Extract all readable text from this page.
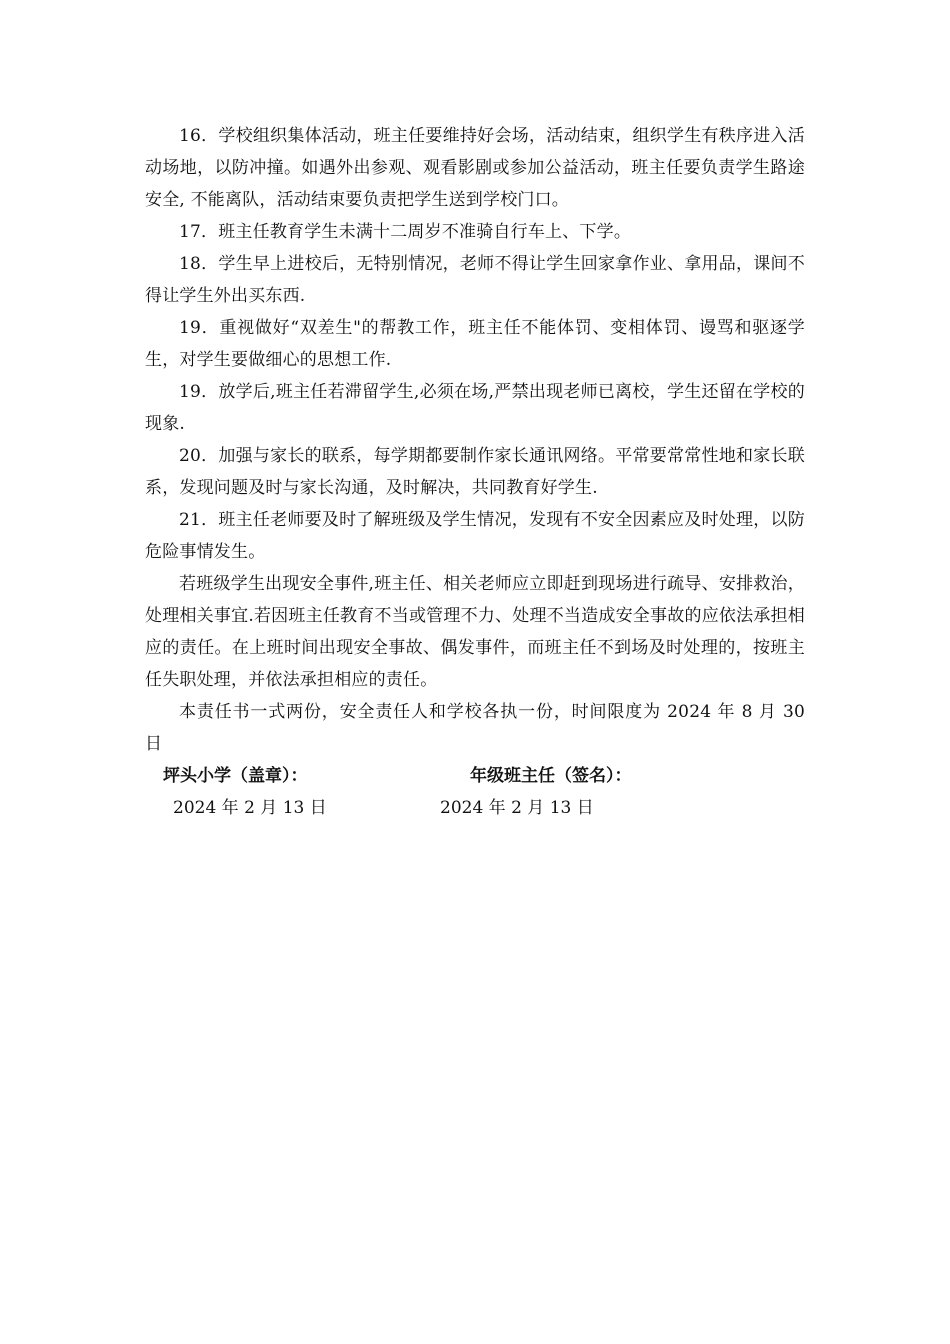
16．学校组织集体活动，班主任要维持好会场，活动结束，组织学生有秩序进入活动场地，以防冲撞。如遇外出参观、观看影剧或参加公益活动，班主任要负责学生路途安全, 不能离队，活动结束要负责把学生送到学校门口。

17．班主任教育学生未满十二周岁不准骑自行车上、下学。

18．学生早上进校后，无特别情况，老师不得让学生回家拿作业、拿用品，课间不得让学生外出买东西.

19．重视做好“双差生"的帮教工作，班主任不能体罚、变相体罚、谩骂和驱逐学生，对学生要做细心的思想工作.

19．放学后,班主任若滞留学生,必须在场,严禁出现老师已离校，学生还留在学校的现象.

20．加强与家长的联系，每学期都要制作家长通讯网络。平常要常常性地和家长联系，发现问题及时与家长沟通，及时解决，共同教育好学生.

21．班主任老师要及时了解班级及学生情况，发现有不安全因素应及时处理，以防危险事情发生。

若班级学生出现安全事件,班主任、相关老师应立即赶到现场进行疏导、安排救治，处理相关事宜.若因班主任教育不当或管理不力、处理不当造成安全事故的应依法承担相应的责任。在上班时间出现安全事故、偶发事件，而班主任不到场及时处理的，按班主任失职处理，并依法承担相应的责任。

本责任书一式两份，安全责任人和学校各执一份，时间限度为 2024 年 8 月 30 日

坪头小学（盖章）：	年级班主任（签名）：
2024 年 2 月 13 日	2024 年 2 月 13 日
